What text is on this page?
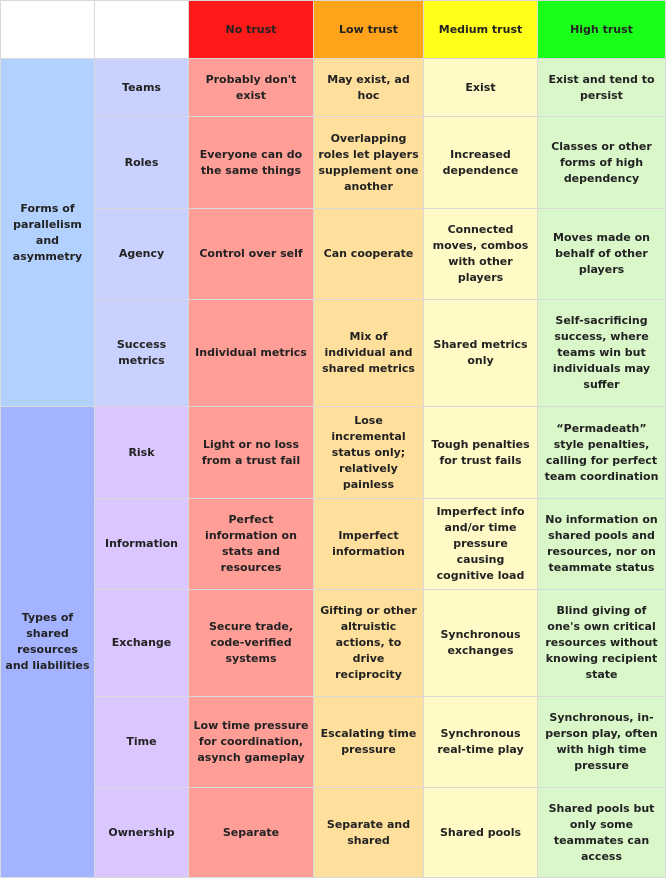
		No trust	Low trust	Medium trust	High trust
Forms of parallelism and asymmetry	Teams	Probably don't exist	May exist, ad hoc	Exist	Exist and tend to persist
	Roles	Everyone can do the same things	Overlapping roles let players supplement one another	Increased dependence	Classes or other forms of high dependency
	Agency	Control over self	Can cooperate	Connected moves, combos with other players	Moves made on behalf of other players
	Success metrics	Individual metrics	Mix of individual and shared metrics	Shared metrics only	Self-sacrificing success, where teams win but individuals may suffer
Types of shared resources and liabilities	Risk	Light or no loss from a trust fail	Lose incremental status only; relatively painless	Tough penalties for trust fails	“Permadeath” style penalties, calling for perfect team coordination
	Information	Perfect information on stats and resources	Imperfect information	Imperfect info and/or time pressure causing cognitive load	No information on shared pools and resources, nor on teammate status
	Exchange	Secure trade, code-verified systems	Gifting or other altruistic actions, to drive reciprocity	Synchronous exchanges	Blind giving of one's own critical resources without knowing recipient state
	Time	Low time pressure for coordination, asynch gameplay	Escalating time pressure	Synchronous real-time play	Synchronous, in-person play, often with high time pressure
	Ownership	Separate	Separate and shared	Shared pools	Shared pools but only some teammates can access
